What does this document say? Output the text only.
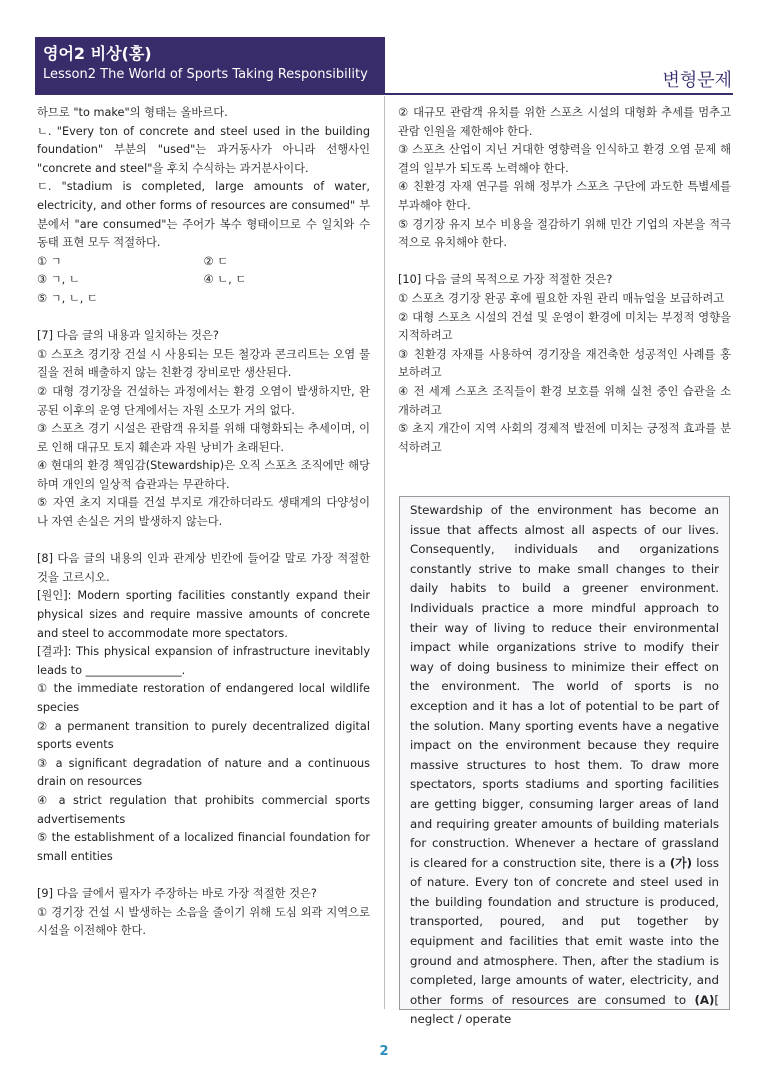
영어2 비상(홍)
Lesson2 The World of Sports Taking Responsibility	변형문제
하므로 "to make"의 형태는 올바르다.
ㄴ. "Every ton of concrete and steel used in the building foundation" 부분의 "used"는 과거동사가 아니라 선행사인 "concrete and steel"을 후치 수식하는 과거분사이다.
ㄷ. "stadium is completed, large amounts of water, electricity, and other forms of resources are consumed" 부분에서 "are consumed"는 주어가 복수 형태이므로 수 일치와 수동태 표현 모두 적절하다.
① ㄱ	② ㄷ
③ ㄱ, ㄴ	④ ㄴ, ㄷ
⑤ ㄱ, ㄴ, ㄷ
[7] 다음 글의 내용과 일치하는 것은?
① 스포츠 경기장 건설 시 사용되는 모든 철강과 콘크리트는 오염 물질을 전혀 배출하지 않는 친환경 장비로만 생산된다.
② 대형 경기장을 건설하는 과정에서는 환경 오염이 발생하지만, 완공된 이후의 운영 단계에서는 자원 소모가 거의 없다.
③ 스포츠 경기 시설은 관람객 유치를 위해 대형화되는 추세이며, 이로 인해 대규모 토지 훼손과 자원 낭비가 초래된다.
④ 현대의 환경 책임감(Stewardship)은 오직 스포츠 조직에만 해당하며 개인의 일상적 습관과는 무관하다.
⑤ 자연 초지 지대를 건설 부지로 개간하더라도 생태계의 다양성이나 자연 손실은 거의 발생하지 않는다.
[8] 다음 글의 내용의 인과 관계상 빈칸에 들어갈 말로 가장 적절한 것을 고르시오.
[원인]: Modern sporting facilities constantly expand their physical sizes and require massive amounts of concrete and steel to accommodate more spectators.
[결과]: This physical expansion of infrastructure inevitably leads to _________________.
① the immediate restoration of endangered local wildlife species
② a permanent transition to purely decentralized digital sports events
③ a significant degradation of nature and a continuous drain on resources
④ a strict regulation that prohibits commercial sports advertisements
⑤ the establishment of a localized financial foundation for small entities
[9] 다음 글에서 필자가 주장하는 바로 가장 적절한 것은?
① 경기장 건설 시 발생하는 소음을 줄이기 위해 도심 외곽 지역으로 시설을 이전해야 한다.
② 대규모 관람객 유치를 위한 스포츠 시설의 대형화 추세를 멈추고 관람 인원을 제한해야 한다.
③ 스포츠 산업이 지닌 거대한 영향력을 인식하고 환경 오염 문제 해결의 일부가 되도록 노력해야 한다.
④ 친환경 자재 연구를 위해 정부가 스포츠 구단에 과도한 특별세를 부과해야 한다.
⑤ 경기장 유지 보수 비용을 절감하기 위해 민간 기업의 자본을 적극적으로 유치해야 한다.
[10] 다음 글의 목적으로 가장 적절한 것은?
① 스포츠 경기장 완공 후에 필요한 자원 관리 매뉴얼을 보급하려고
② 대형 스포츠 시설의 건설 및 운영이 환경에 미치는 부정적 영향을 지적하려고
③ 친환경 자재를 사용하여 경기장을 재건축한 성공적인 사례를 홍보하려고
④ 전 세계 스포츠 조직들이 환경 보호를 위해 실천 중인 습관을 소개하려고
⑤ 초지 개간이 지역 사회의 경제적 발전에 미치는 긍정적 효과를 분석하려고
Stewardship of the environment has become an issue that affects almost all aspects of our lives. Consequently, individuals and organizations constantly strive to make small changes to their daily habits to build a greener environment. Individuals practice a more mindful approach to their way of living to reduce their environmental impact while organizations strive to modify their way of doing business to minimize their effect on the environment. The world of sports is no exception and it has a lot of potential to be part of the solution. Many sporting events have a negative impact on the environment because they require massive structures to host them. To draw more spectators, sports stadiums and sporting facilities are getting bigger, consuming larger areas of land and requiring greater amounts of building materials for construction. Whenever a hectare of grassland is cleared for a construction site, there is a (가) loss of nature. Every ton of concrete and steel used in the building foundation and structure is produced, transported, poured, and put together by equipment and facilities that emit waste into the ground and atmosphere. Then, after the stadium is completed, large amounts of water, electricity, and other forms of resources are consumed to (A)[ neglect / operate
2
